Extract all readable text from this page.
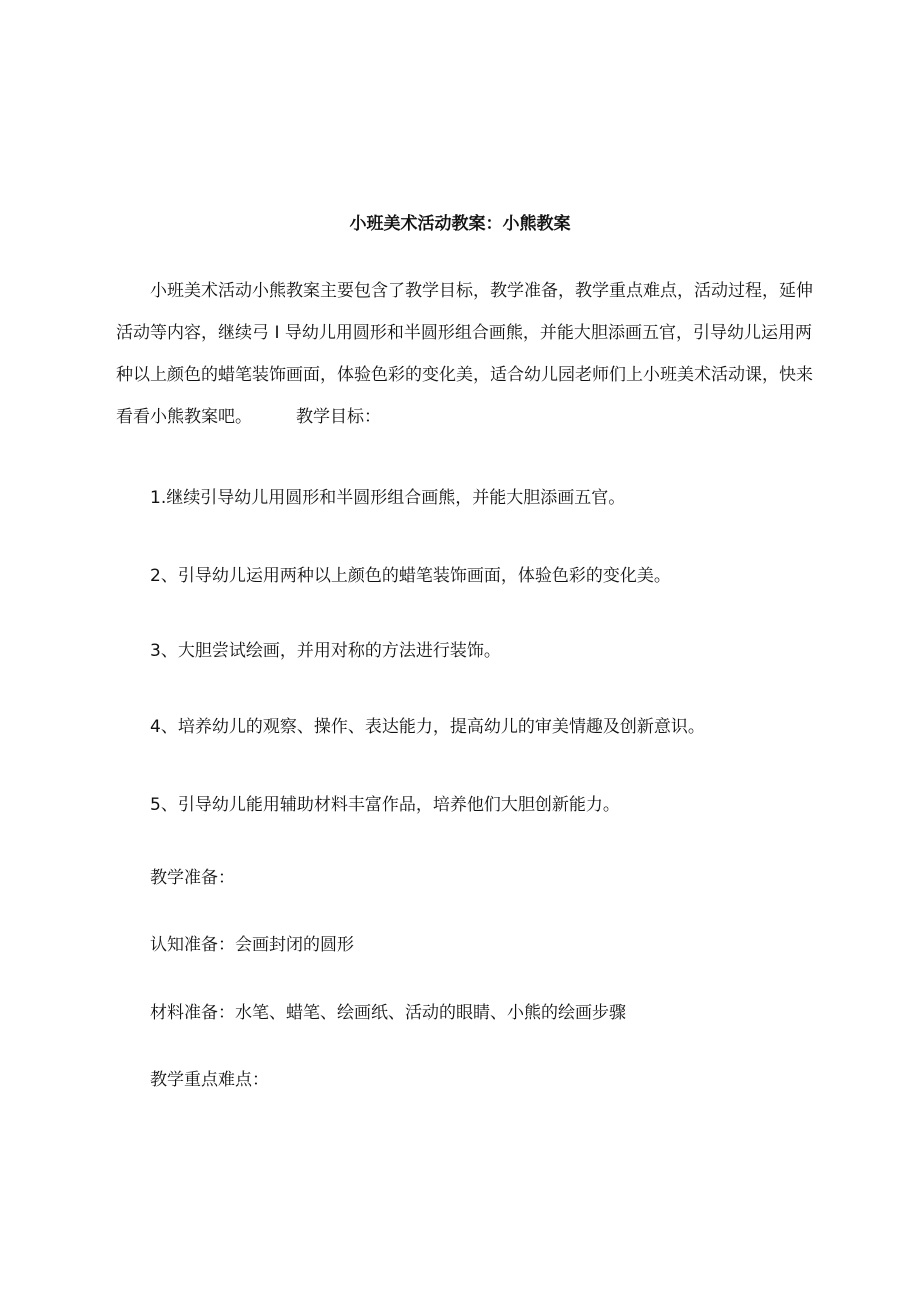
小班美术活动教案：小熊教案
小班美术活动小熊教案主要包含了教学目标，教学准备，教学重点难点，活动过程，延伸
活动等内容，继续弓 I 导幼儿用圆形和半圆形组合画熊，并能大胆添画五官，引导幼儿运用两
种以上颜色的蜡笔装饰画面，体验色彩的变化美，适合幼儿园老师们上小班美术活动课，快来
看看小熊教案吧。	教学目标：
1.继续引导幼儿用圆形和半圆形组合画熊，并能大胆添画五官。
2、引导幼儿运用两种以上颜色的蜡笔装饰画面，体验色彩的变化美。
3、大胆尝试绘画，并用对称的方法进行装饰。
4、培养幼儿的观察、操作、表达能力，提高幼儿的审美情趣及创新意识。
5、引导幼儿能用辅助材料丰富作品，培养他们大胆创新能力。
教学准备：
认知准备：会画封闭的圆形
材料准备：水笔、蜡笔、绘画纸、活动的眼睛、小熊的绘画步骤
教学重点难点：
